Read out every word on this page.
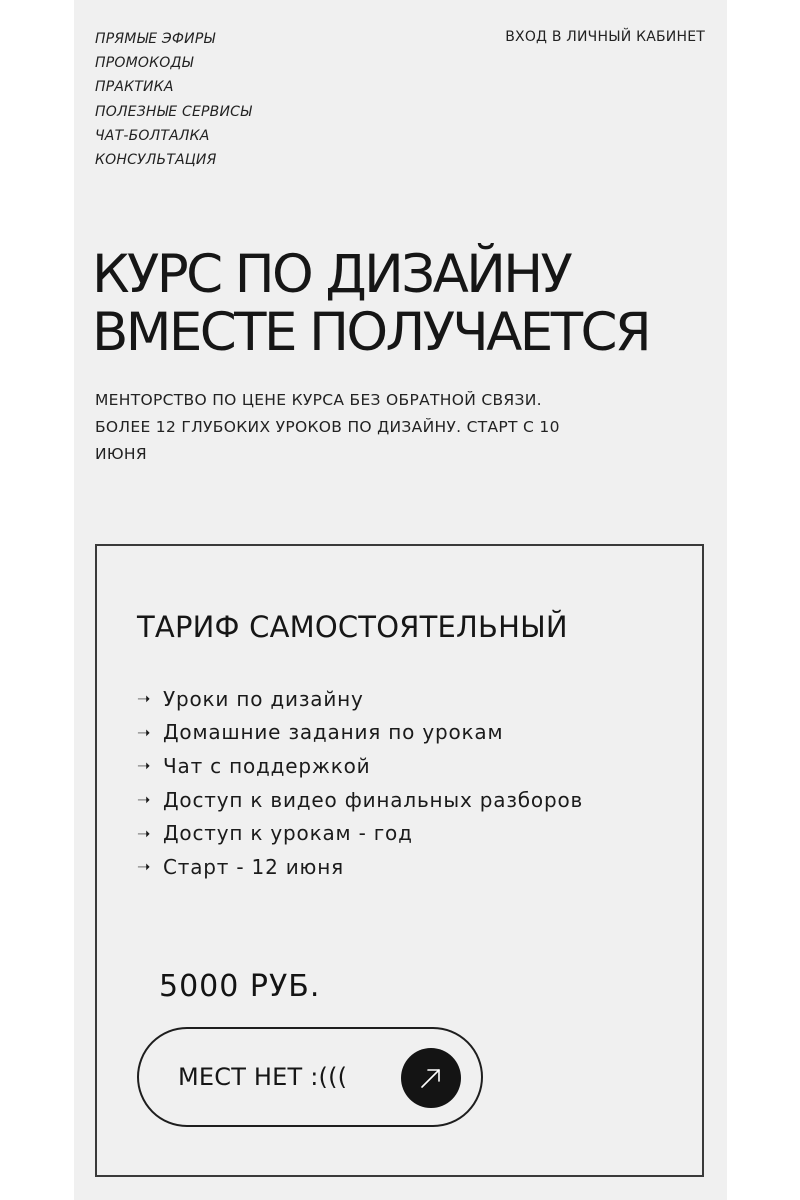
ПРЯМЫЕ ЭФИРЫ
ПРОМОКОДЫ
ПРАКТИКА
ПОЛЕЗНЫЕ СЕРВИСЫ
ЧАТ-БОЛТАЛКА
КОНСУЛЬТАЦИЯ
ВХОД В ЛИЧНЫЙ КАБИНЕТ
КУРС ПО ДИЗАЙНУ
ВМЕСТЕ ПОЛУЧАЕТСЯ

МЕНТОРСТВО ПО ЦЕНЕ КУРСА БЕЗ ОБРАТНОЙ СВЯЗИ. БОЛЕЕ 12 ГЛУБОКИХ УРОКОВ ПО ДИЗАЙНУ. СТАРТ С 10 ИЮНЯ

ТАРИФ САМОСТОЯТЕЛЬНЫЙ
➝ Уроки по дизайну
➝ Домашние задания по урокам
➝ Чат с поддержкой
➝ Доступ к видео финальных разборов
➝ Доступ к урокам - год
➝ Старт - 12 июня
5000 РУБ.
МЕСТ НЕТ :(((
